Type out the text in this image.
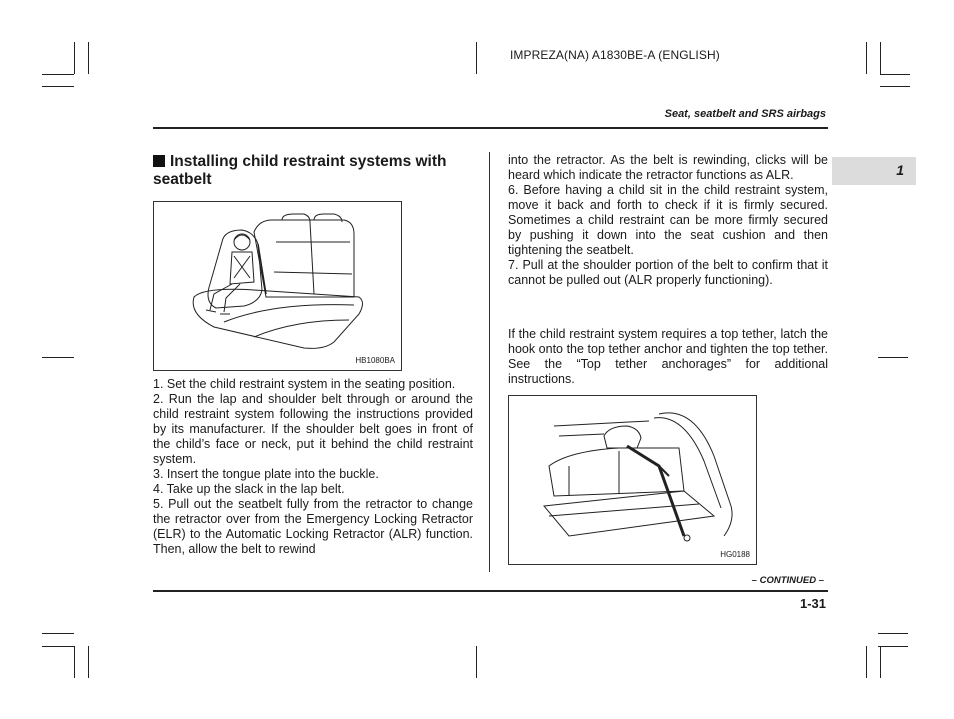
IMPREZA(NA) A1830BE-A (ENGLISH)
Seat, seatbelt and SRS airbags
1
Installing child restraint systems with seatbelt
HB1080BA

1. Set the child restraint system in the seating position.
2. Run the lap and shoulder belt through or around the child restraint system following the instructions provided by its manufacturer. If the shoulder belt goes in front of the child’s face or neck, put it behind the child restraint system.
3. Insert the tongue plate into the buckle.
4. Take up the slack in the lap belt.
5. Pull out the seatbelt fully from the retractor to change the retractor over from the Emergency Locking Retractor (ELR) to the Automatic Locking Retractor (ALR) function. Then, allow the belt to rewind

into the retractor. As the belt is rewinding, clicks will be heard which indicate the retractor functions as ALR.
6. Before having a child sit in the child restraint system, move it back and forth to check if it is firmly secured. Sometimes a child restraint can be more firmly secured by pushing it down into the seat cushion and then tightening the seatbelt.
7. Pull at the shoulder portion of the belt to confirm that it cannot be pulled out (ALR properly functioning).

If the child restraint system requires a top tether, latch the hook onto the top tether anchor and tighten the top tether. See the “Top tether anchorages” for additional instructions.

HG0188
– CONTINUED –
1-31
